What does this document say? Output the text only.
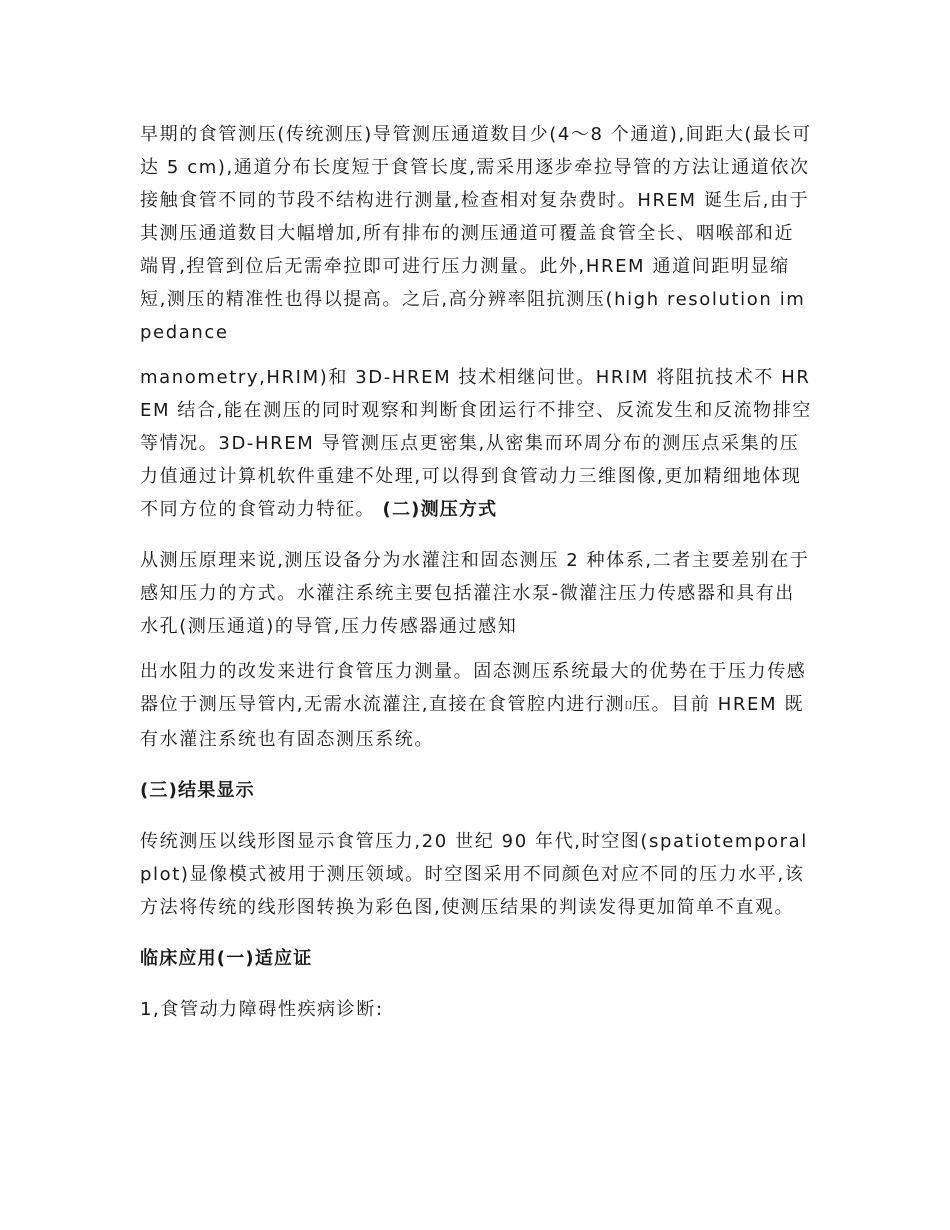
早期的食管测压(传统测压)导管测压通道数目少(4～8 个通道),间距大(最长可达 5 cm),通道分布长度短于食管长度,需采用逐步牵拉导管的方法让通道依次接触食管不同的节段不结构进行测量,检查相对复杂费时。HREM 诞生后,由于其测压通道数目大幅增加,所有排布的测压通道可覆盖食管全长、咽喉部和近端胃,揑管到位后无需牵拉即可进行压力测量。此外,HREM 通道间距明显缩短,测压的精准性也得以提高。之后,高分辨率阻抗测压(high resolution impedance

manometry,HRIM)和 3D-HREM 技术相继问世。HRIM 将阻抗技术不 HREM 结合,能在测压的同时观察和判断食团运行不排空、反流发生和反流物排空等情况。3D-HREM 导管测压点更密集,从密集而环周分布的测压点采集的压力值通过计算机软件重建不处理,可以得到食管动力三维图像,更加精细地体现不同方位的食管动力特征。 (二)测压方式

从测压原理来说,测压设备分为水灌注和固态测压 2 种体系,二者主要差别在于感知压力的方式。水灌注系统主要包括灌注水泵-微灌注压力传感器和具有出水孔(测压通道)的导管,压力传感器通过感知

出水阻力的改发来进行食管压力测量。固态测压系统最大的优势在于压力传感器位于测压导管内,无需水流灌注,直接在食管腔内进行测[]压。目前 HREM 既有水灌注系统也有固态测压系统。

(三)结果显示

传统测压以线形图显示食管压力,20 世纪 90 年代,时空图(spatiotemporal plot)显像模式被用于测压领域。时空图采用不同颜色对应不同的压力水平,该方法将传统的线形图转换为彩色图,使测压结果的判读发得更加简单不直观。

临床应用(一)适应证

1,食管动力障碍性疾病诊断:
